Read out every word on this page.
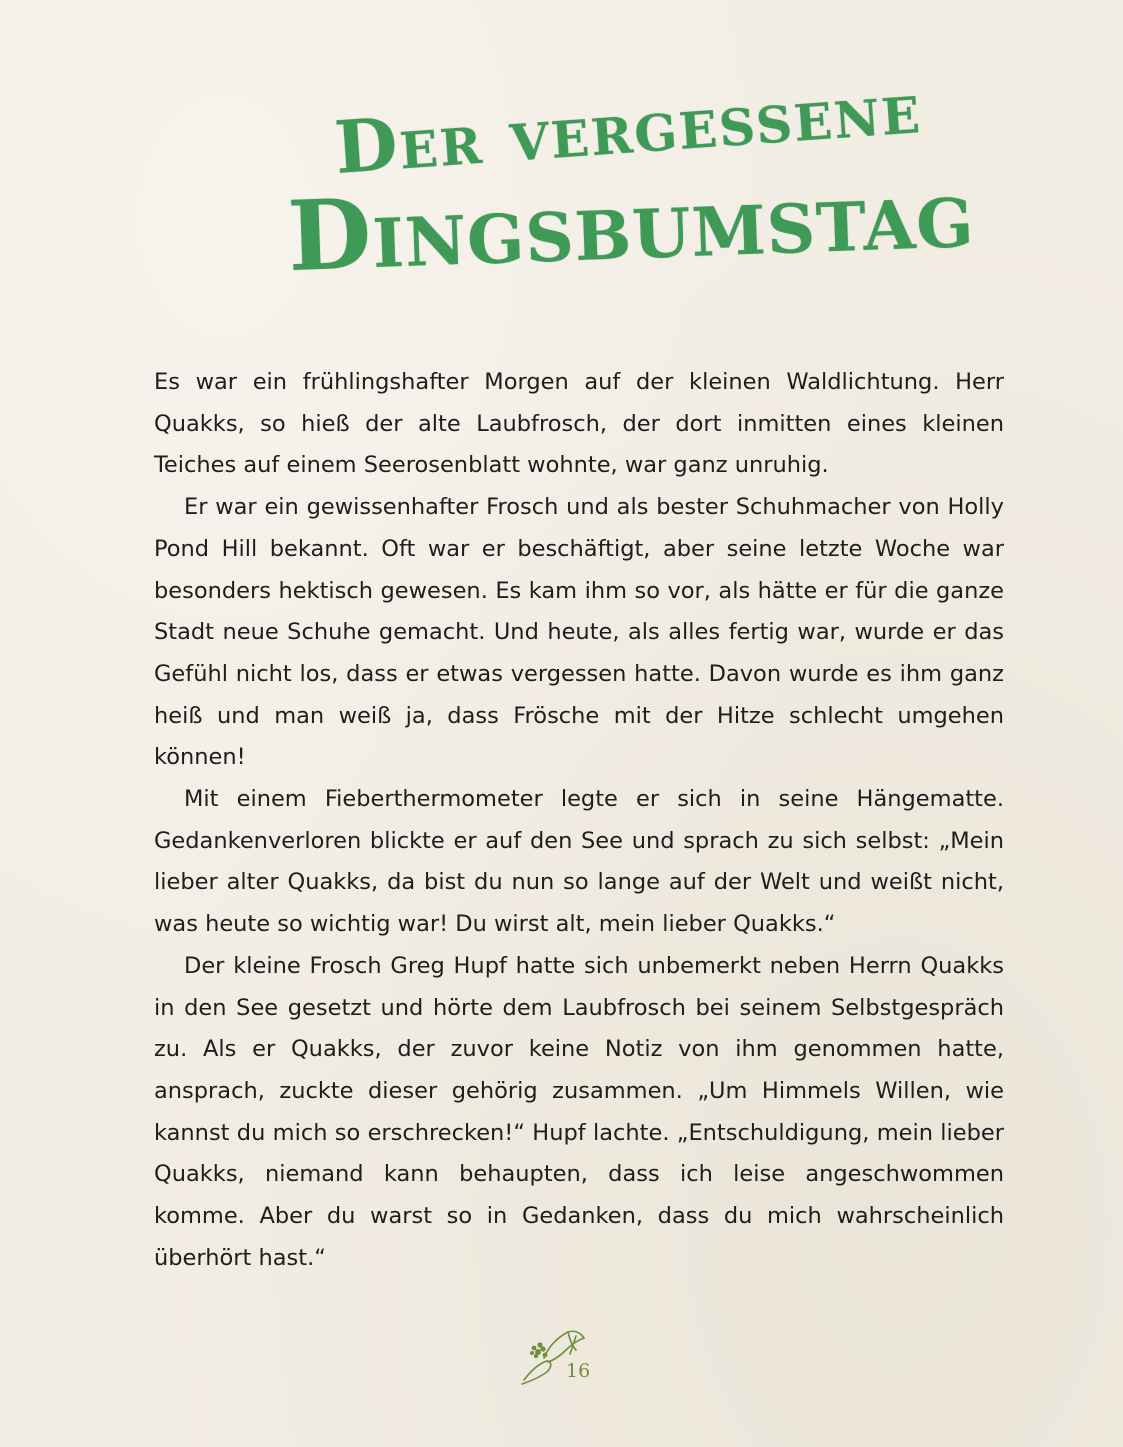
Der vergessene
Dingsbumstag

Es war ein frühlingshafter Morgen auf der kleinen Waldlichtung. Herr Quakks, so hieß der alte Laubfrosch, der dort inmitten eines kleinen Teiches auf einem Seerosenblatt wohnte, war ganz unruhig.

Er war ein gewissenhafter Frosch und als bester Schuhmacher von Holly Pond Hill bekannt. Oft war er beschäftigt, aber seine letzte Woche war besonders hektisch gewesen. Es kam ihm so vor, als hätte er für die ganze Stadt neue Schuhe gemacht. Und heute, als alles fertig war, wurde er das Gefühl nicht los, dass er etwas vergessen hatte. Davon wurde es ihm ganz heiß und man weiß ja, dass Frösche mit der Hitze schlecht umgehen können!

Mit einem Fieberthermometer legte er sich in seine Hängematte. Gedankenverloren blickte er auf den See und sprach zu sich selbst: „Mein lieber alter Quakks, da bist du nun so lange auf der Welt und weißt nicht, was heute so wichtig war! Du wirst alt, mein lieber Quakks.“

Der kleine Frosch Greg Hupf hatte sich unbemerkt neben Herrn Quakks in den See gesetzt und hörte dem Laubfrosch bei seinem Selbstgespräch zu. Als er Quakks, der zuvor keine Notiz von ihm genommen hatte, ansprach, zuckte dieser gehörig zusammen. „Um Himmels Willen, wie kannst du mich so erschrecken!“ Hupf lachte. „Entschuldigung, mein lieber Quakks, niemand kann behaupten, dass ich leise angeschwommen komme. Aber du warst so in Gedanken, dass du mich wahrscheinlich überhört hast.“

16
